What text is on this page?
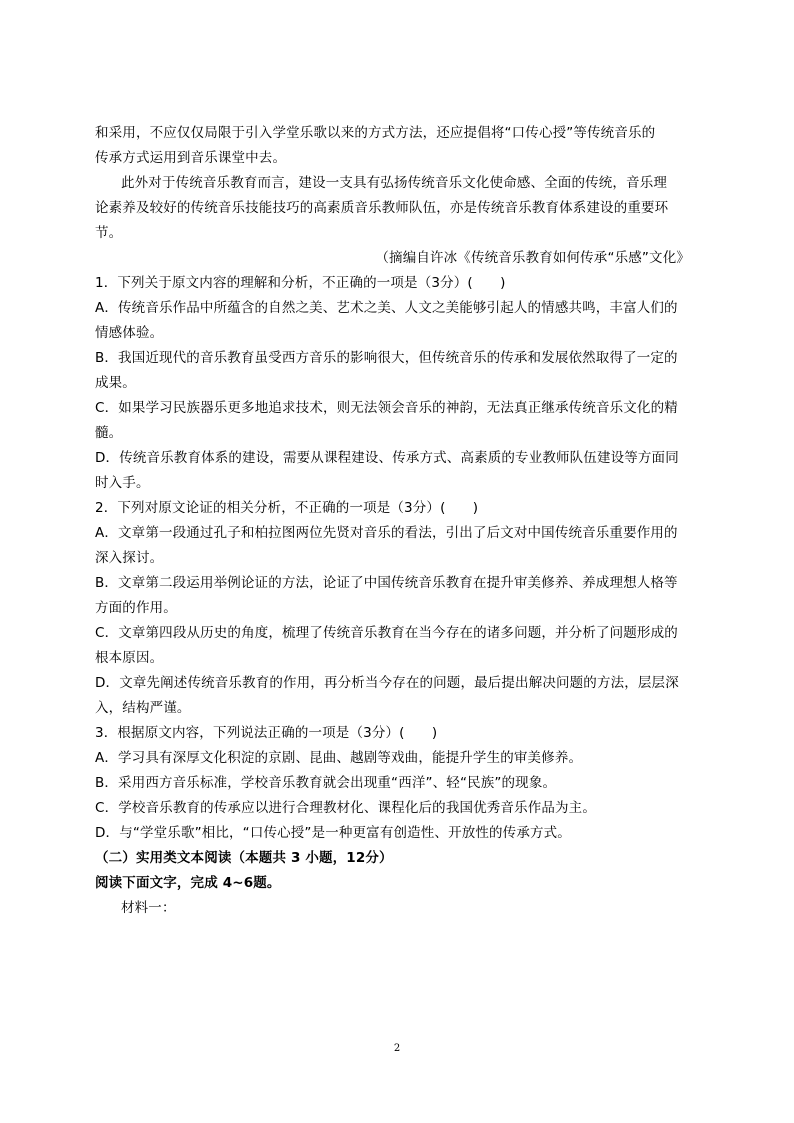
和采用，不应仅仅局限于引入学堂乐歌以来的方式方法，还应提倡将“口传心授”等传统音乐的
传承方式运用到音乐课堂中去。
此外对于传统音乐教育而言，建设一支具有弘扬传统音乐文化使命感、全面的传统，音乐理
论素养及较好的传统音乐技能技巧的高素质音乐教师队伍，亦是传统音乐教育体系建设的重要环
节。
（摘编自许冰《传统音乐教育如何传承“乐感”文化》
1．下列关于原文内容的理解和分析，不正确的一项是（3分）(　　)
A．传统音乐作品中所蕴含的自然之美、艺术之美、人文之美能够引起人的情感共鸣，丰富人们的
情感体验。
B．我国近现代的音乐教育虽受西方音乐的影响很大，但传统音乐的传承和发展依然取得了一定的
成果。
C．如果学习民族器乐更多地追求技术，则无法领会音乐的神韵，无法真正继承传统音乐文化的精
髓。
D．传统音乐教育体系的建设，需要从课程建设、传承方式、高素质的专业教师队伍建设等方面同
时入手。
2．下列对原文论证的相关分析，不正确的一项是（3分）(　　)
A．文章第一段通过孔子和柏拉图两位先贤对音乐的看法，引出了后文对中国传统音乐重要作用的
深入探讨。
B．文章第二段运用举例论证的方法，论证了中国传统音乐教育在提升审美修养、养成理想人格等
方面的作用。
C．文章第四段从历史的角度，梳理了传统音乐教育在当今存在的诸多问题，并分析了问题形成的
根本原因。
D．文章先阐述传统音乐教育的作用，再分析当今存在的问题，最后提出解决问题的方法，层层深
入，结构严谨。
3．根据原文内容，下列说法正确的一项是（3分）(　　)
A．学习具有深厚文化积淀的京剧、昆曲、越剧等戏曲，能提升学生的审美修养。
B．采用西方音乐标准，学校音乐教育就会出现重“西洋”、轻“民族”的现象。
C．学校音乐教育的传承应以进行合理教材化、课程化后的我国优秀音乐作品为主。
D．与“学堂乐歌”相比，“口传心授”是一种更富有创造性、开放性的传承方式。
（二）实用类文本阅读（本题共 3 小题，12分）
阅读下面文字，完成 4~6题。
材料一：
2
